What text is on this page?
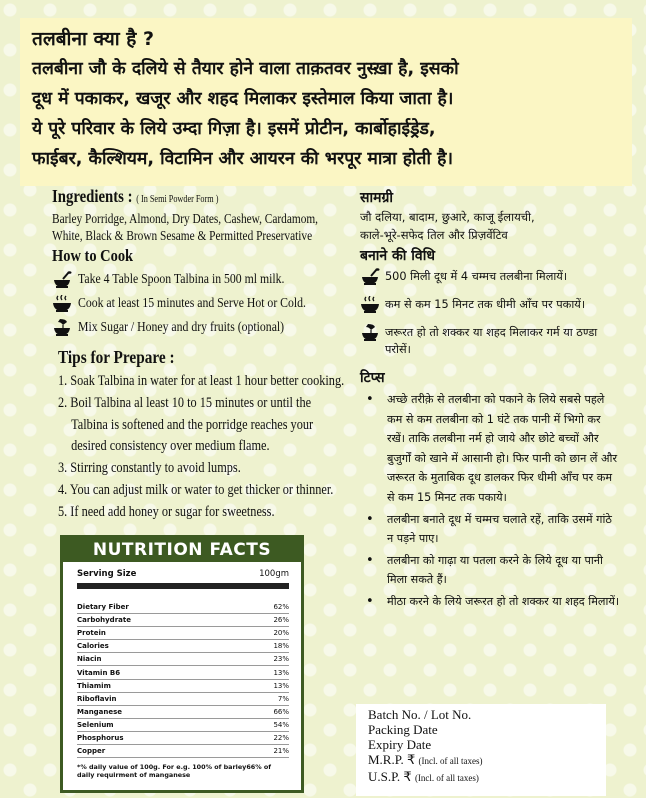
तलबीना क्या है ?
तलबीना जौ के दलिये से तैयार होने वाला ताक़तवर नुस्ख़ा है, इसको
दूध में पकाकर, खजूर और शहद मिलाकर इस्तेमाल किया जाता है।
ये पूरे परिवार के लिये उम्दा गिज़ा है। इसमें प्रोटीन, कार्बोहाईड्रेड,
फाईबर, कैल्शियम, विटामिन और आयरन की भरपूर मात्रा होती है।
Ingredients : ( In Semi Powder Form )
Barley Porridge, Almond, Dry Dates, Cashew, Cardamom,
White, Black & Brown Sesame & Permitted Preservative
How to Cook
Take 4 Table Spoon Talbina in 500 ml milk.
Cook at least 15 minutes and Serve Hot or Cold.
Mix Sugar / Honey and dry fruits (optional)
Tips for Prepare :
1. Soak Talbina in water for at least 1 hour better cooking.
2. Boil Talbina al least 10 to 15 minutes or until the
Talbina is softened and the porridge reaches your
desired consistency over medium flame.
3. Stirring constantly to avoid lumps.
4. You can adjust milk or water to get thicker or thinner.
5. If need add honey or sugar for sweetness.
NUTRITION FACTS
Serving Size	100gm
Dietary Fiber	62%
Carbohydrate	26%
Protein	20%
Calories	18%
Niacin	23%
Vitamin B6	13%
Thiamim	13%
Riboflavin	7%
Manganese	66%
Selenium	54%
Phosphorus	22%
Copper	21%
*% daily value of 100g. For e.g. 100% of barley66% of daily requirment of manganese
सामग्री
जौ दलिया, बादाम, छुआरे, काजू ईलायची,
काले-भूरे-सफेद तिल और प्रिज़र्वेटिव
बनाने की विधि
500 मिली दूध में 4 चम्मच तलबीना मिलायें।
कम से कम 15 मिनट तक धीमी आँच पर पकायें।
जरूरत हो तो शक्कर या शहद मिलाकर गर्म या ठण्डा परोसें।
टिप्स
• अच्छे तरीक़े से तलबीना को पकाने के लिये सबसे पहले कम से कम तलबीना को 1 घंटे तक पानी में भिगो कर रखें। ताकि तलबीना नर्म हो जाये और छोटे बच्चों और बुजुर्गों को खाने में आसानी हो। फिर पानी को छान लें और जरूरत के मुताबिक दूध डालकर फिर धीमी आँच पर कम से कम 15 मिनट तक पकाये।
• तलबीना बनाते दूध में चम्मच चलाते रहें, ताकि उसमें गांठे न पड़ने पाए।
• तलबीना को गाढ़ा या पतला करने के लिये दूध या पानी मिला सकते हैं।
• मीठा करने के लिये जरूरत हो तो शक्कर या शहद मिलायें।
Batch No. / Lot No.
Packing Date
Expiry Date
M.R.P. ₹ (Incl. of all taxes)
U.S.P. ₹ (Incl. of all taxes)
